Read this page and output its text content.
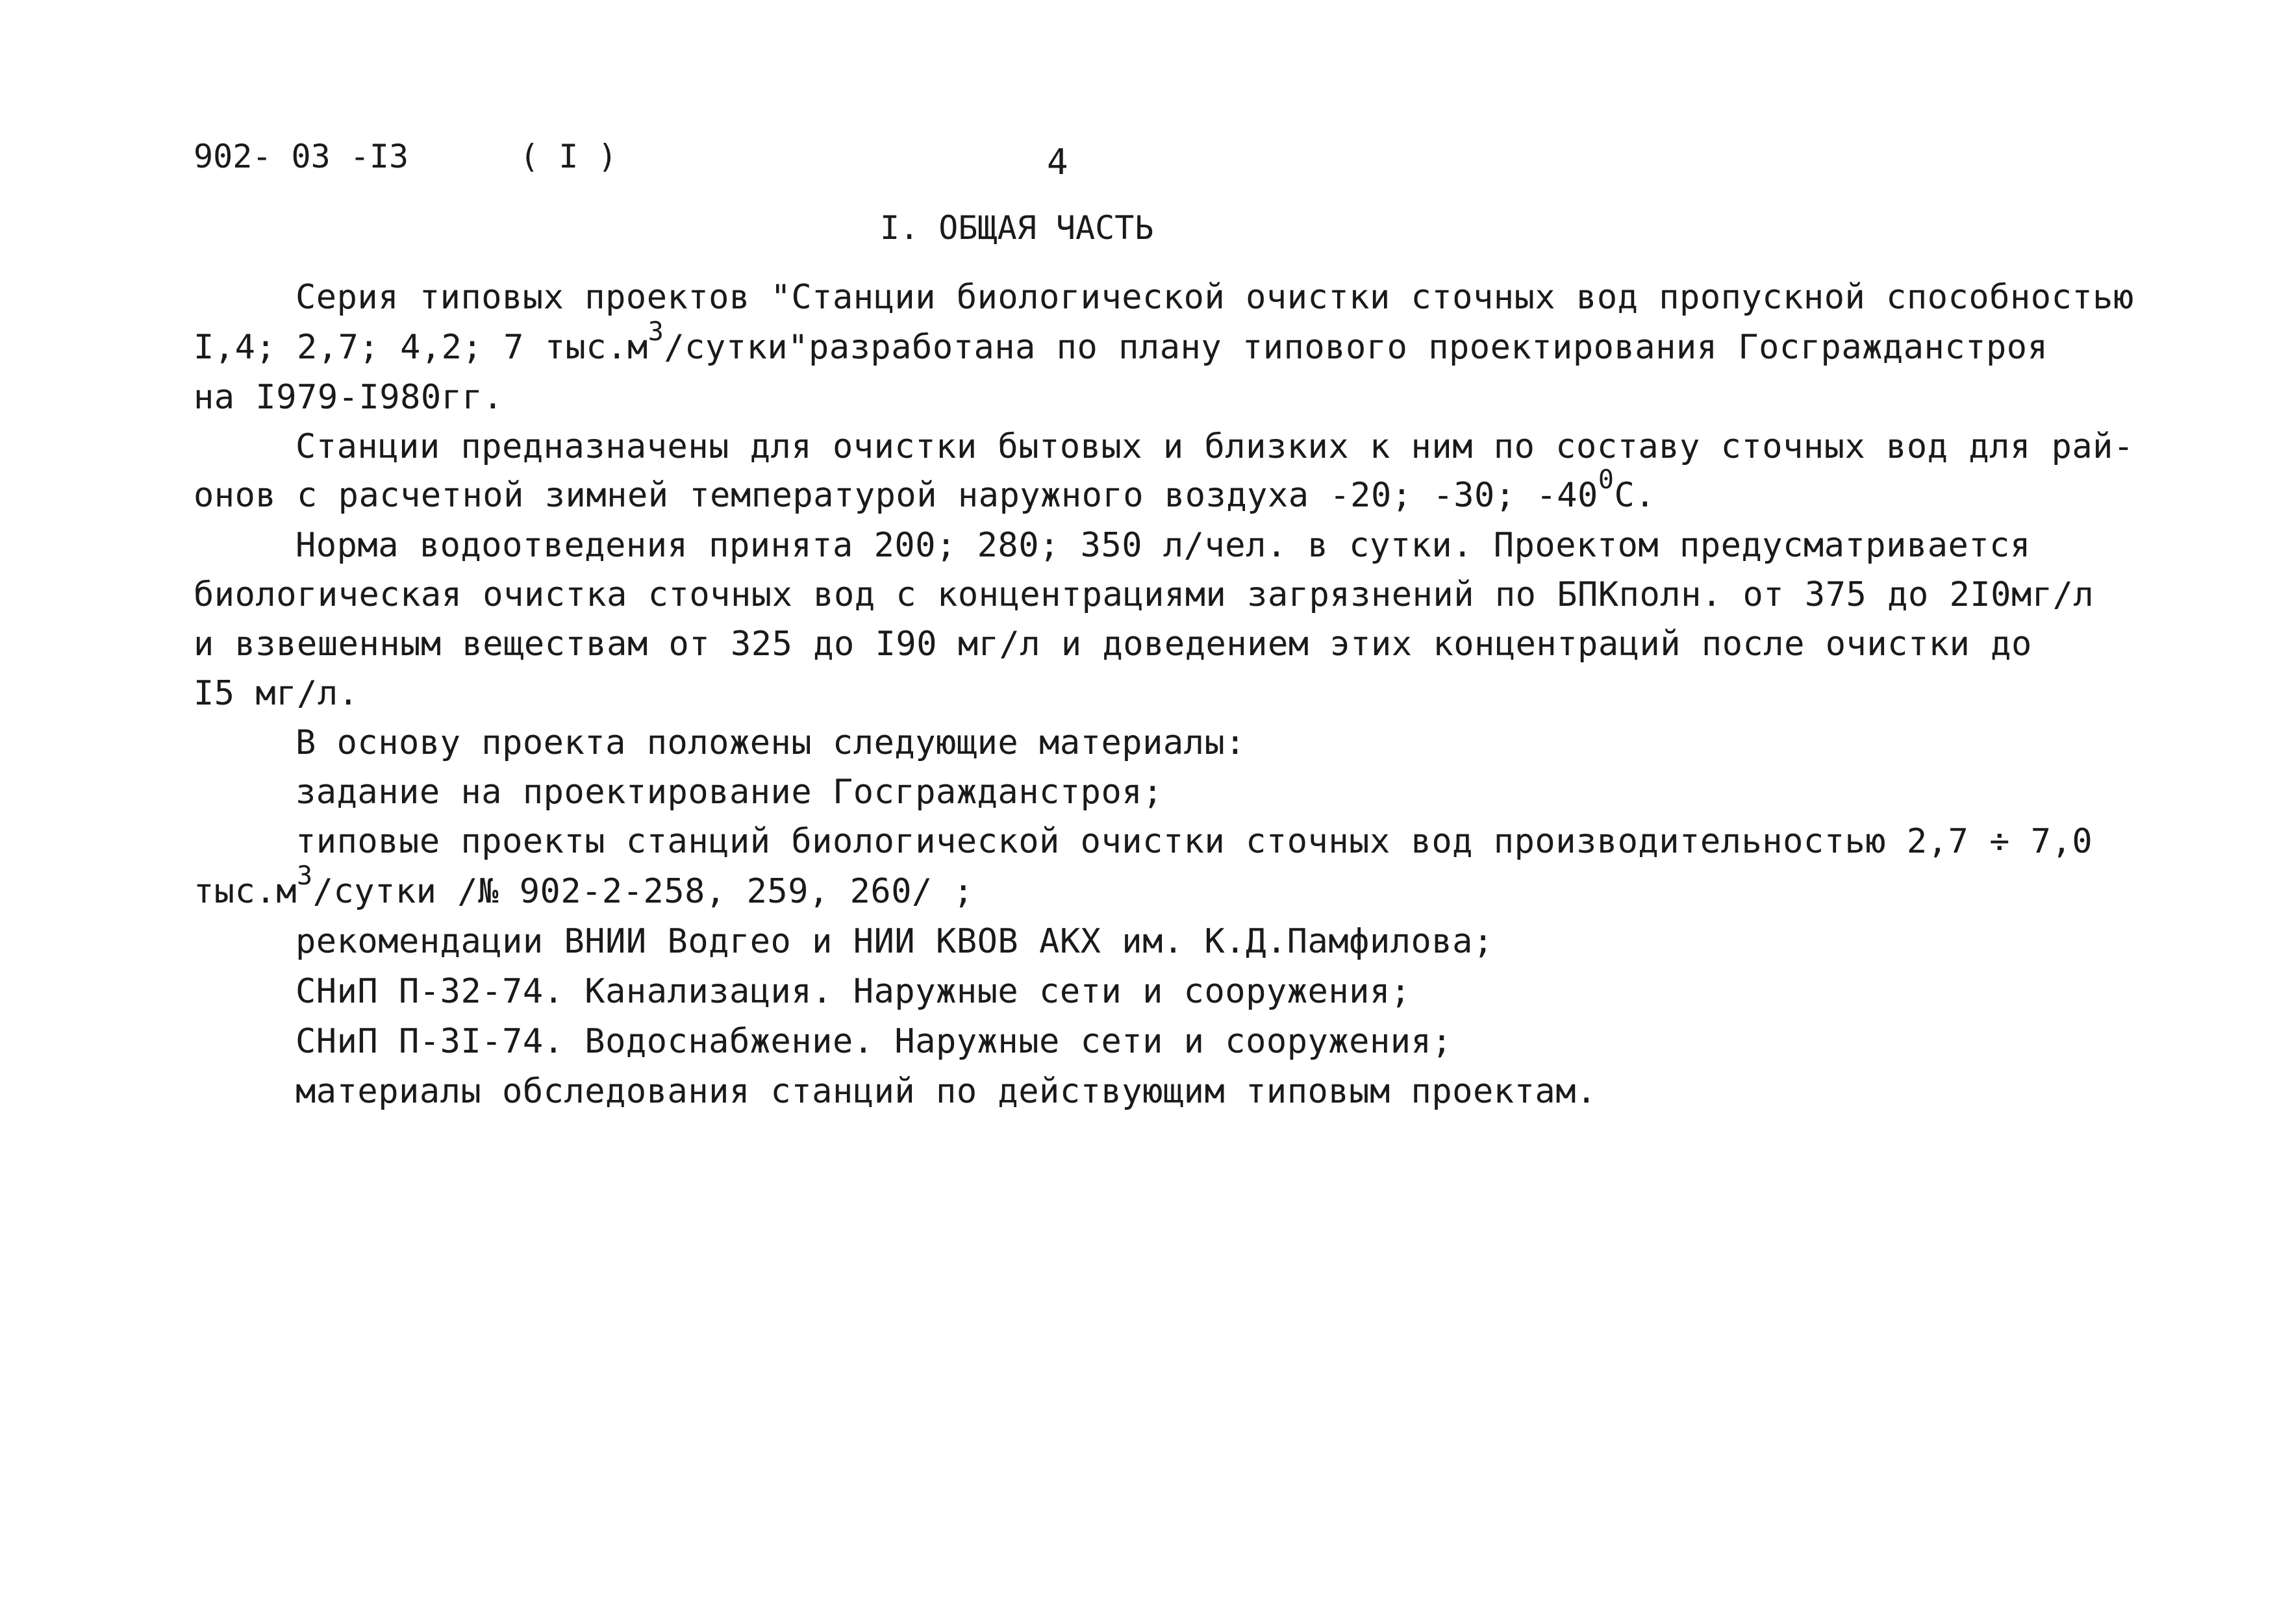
902- 03 -I3	( I )	4
I. ОБЩАЯ ЧАСТЬ
Серия типовых проектов "Станции биологической очистки сточных вод пропускной способностью
I,4; 2,7; 4,2; 7 $тыс.м^3/сутки"разработана$ по плану типового проектирования Госгражданстроя
на I979-I980гг.
Станции предназначены для очистки бытовых и близких к ним по составу сточных вод для рай-
онов с расчетной зимней температурой наружного воздуха -20; -30; $-40^0С$.
Норма водоотведения принята 200; 280; 350 л/чел. в сутки. Проектом предусматривается
биологическая очистка сточных вод с концентрациями загрязнений по БПКполн. от 375 до 2I0мг/л
и взвешенным веществам от 325 до I90 мг/л и доведением этих концентраций после очистки до
I5 мг/л.
В основу проекта положены следующие материалы:
задание на проектирование Госгражданстроя;
типовые проекты станций биологической очистки сточных вод производительностью 2,7 ÷ 7,0
$тыс.м^3$/сутки /№ 902-2-258, 259, 260/ ;
рекомендации ВНИИ Водгео и НИИ КВОВ АКХ им. К.Д.Памфилова;
СНиП П-32-74. Канализация. Наружные сети и сооружения;
СНиП П-3I-74. Водоснабжение. Наружные сети и сооружения;
материалы обследования станций по действующим типовым проектам.
